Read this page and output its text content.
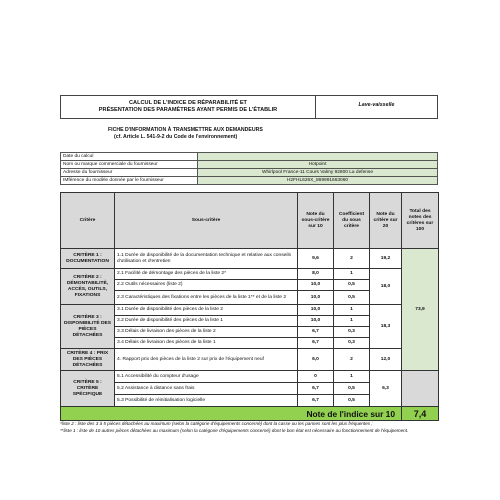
CALCUL DE L'INDICE DE RÉPARABILITÉ ET
PRÉSENTATION DES PARAMÈTRES AYANT PERMIS DE L'ÉTABLIR
	Lave-vaisselle
FICHE D'INFORMATION À TRANSMETTRE AUX DEMANDEURS
(cf. Article L. 541-9-2 du Code de l'environnement)
Date du calcul	
Nom ou marque commerciale du fournisseur	Hotpoint
Adresse du fournisseur	Whirlpool France-11 Cours Valmy 92800 La defense
IMférence du modèle donnée par le fournisseur	H2FHL626X_869991663060
Critère	Sous-critère	Note du sous-critère sur 10	Coefficient du sous critère	Note du critère sur 20	Total des notes des critères sur 100
CRITÈRE 1 : DOCUMENTATION	1.1 Durée de disponibilité de la documentation technique et relative aux conseils d'utilisation et d'entretien	9,6	2	19,2	73,9
CRITÈRE 2 : DÉMONTABILITÉ, ACCÈS, OUTILS, FIXATIONS	2.1 Facilité de démontage des pièces de la liste 2*	8,0	1	18,0	
	2.2 Outils nécessaires (liste 2)	10,0	0,5		
	2.3 Caractéristiques des fixations entre les pièces de la liste 1** et de la liste 2	10,0	0,5		
CRITÈRE 3 : DISPONIBILITÉ DES PIÈCES DÉTACHÉES	3.1 Durée de disponibilité des pièces de la liste 2	10,0	1	18,3	
	3.2 Durée de disponibilité des pièces de la liste 1	10,0	1		
	3.3 Délais de livraison des pièces de la liste 2	6,7	0,3		
	3.4 Délais de livraison des pièces de la liste 1	6,7	0,3		
CRITÈRE 4 : PRIX DES PIÈCES DÉTACHÉES	4. Rapport prix des pièces de la liste 2 sur prix de l'équipement neuf	6,0	2	12,0	
CRITÈRE 5 : CRITÈRE SPÉCIFIQUE	5.1 Accessibilité du compteur d'usage	0	1	6,3	
	5.2 Assistance à distance sans frais	6,7	0,5		
	5.3 Possibilité de réinitialisation logicielle	6,7	0,5		
Note de l'indice sur 10					7,4
*liste 2 : liste des 3 à 5 pièces détachées au maximum (selon la catégorie d'équipements concerné) dont la casse ou les pannes sont les plus fréquentes ;
**liste 1 : liste de 10 autres pièces détachées au maximum (selon la catégorie d'équipements concerné) dont le bon état est nécessaire au fonctionnement de l'équipement.
